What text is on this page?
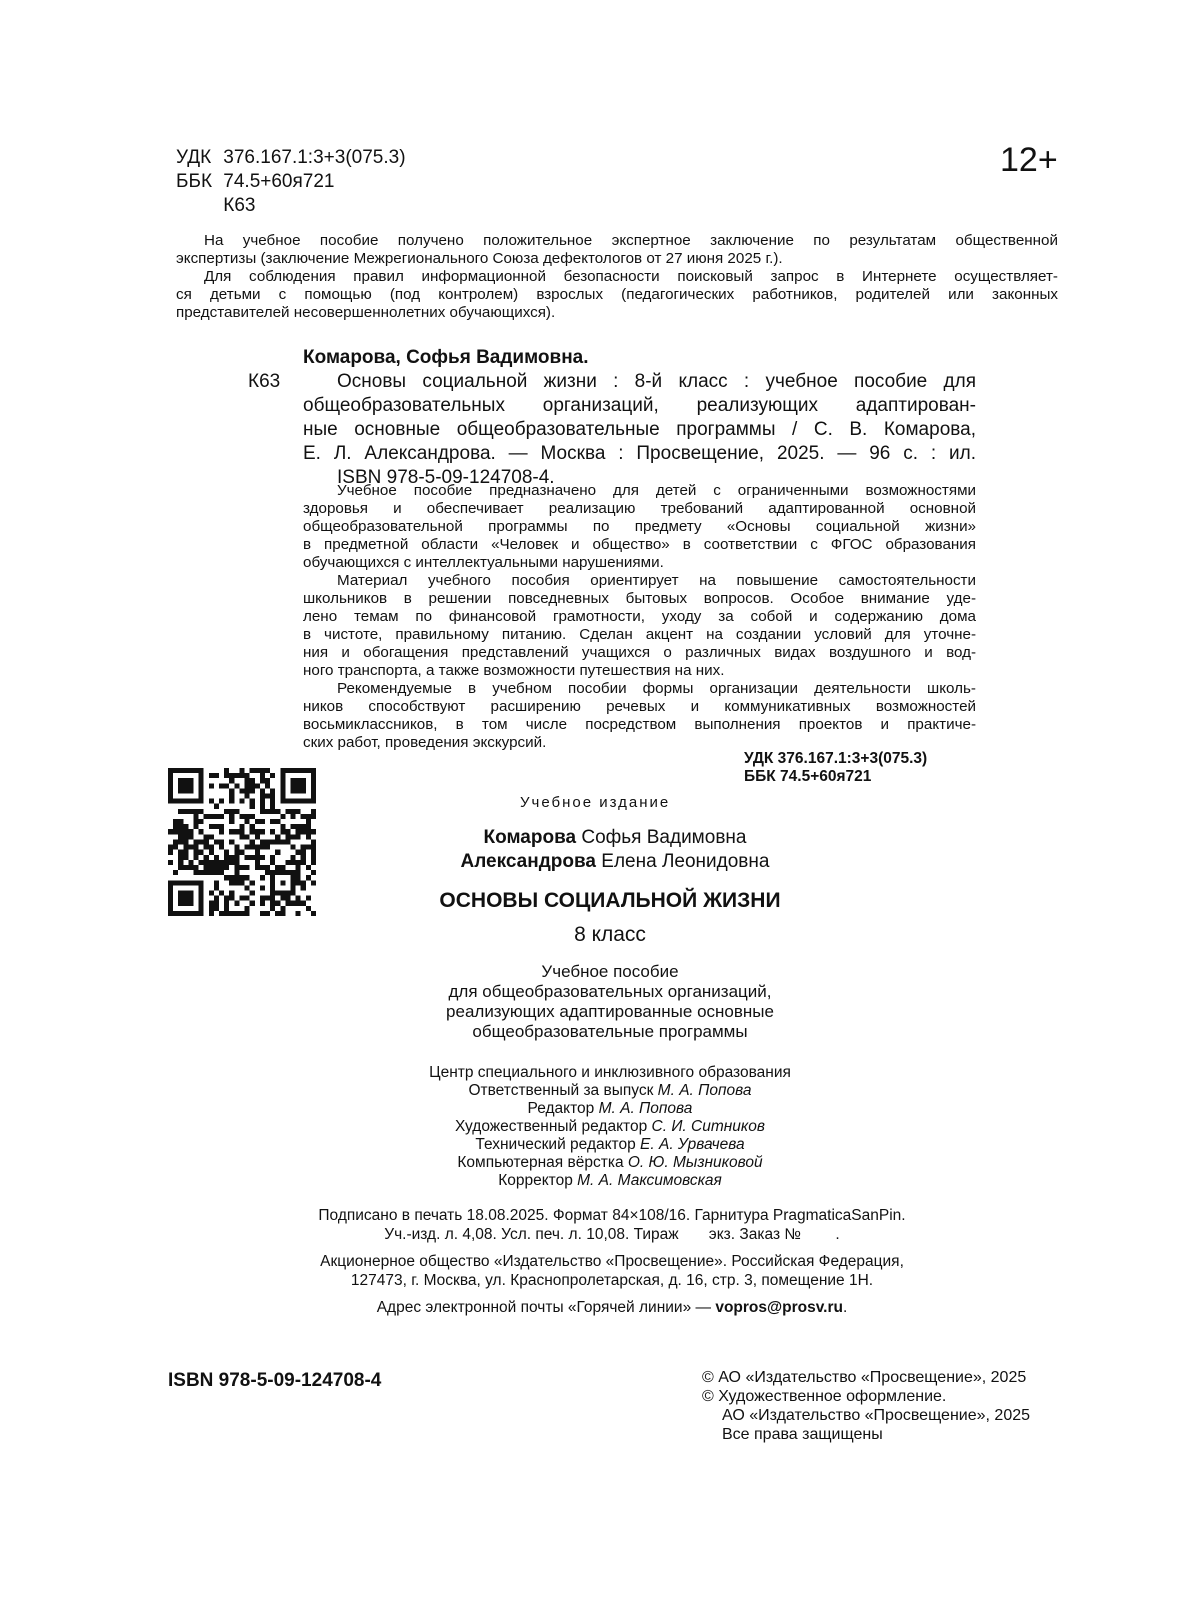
УДК 376.167.1:3+3(075.3)
ББК 74.5+60я721
К63
12+

На учебное пособие получено положительное экспертное заключение по результатам общественной
экспертизы (заключение Межрегионального Союза дефектологов от 27 июня 2025 г.).

Для соблюдения правил информационной безопасности поисковый запрос в Интернете осуществляет-
ся детьми с помощью (под контролем) взрослых (педагогических работников, родителей или законных
представителей несовершеннолетних обучающихся).

Комарова, Софья Вадимовна.
К63	Основы социальной жизни : 8-й класс : учебное пособие для
общеобразовательных организаций, реализующих адаптирован-
ные основные общеобразовательные программы / С. В. Комарова,
Е. Л. Александрова. — Москва : Просвещение, 2025. — 96 с. : ил.
ISBN 978-5-09-124708-4.
Учебное пособие предназначено для детей с ограниченными возможностями
здоровья и обеспечивает реализацию требований адаптированной основной
общеобразовательной программы по предмету «Основы социальной жизни»
в предметной области «Человек и общество» в соответствии с ФГОС образования
обучающихся с интеллектуальными нарушениями.
Материал учебного пособия ориентирует на повышение самостоятельности
школьников в решении повседневных бытовых вопросов. Особое внимание уде-
лено темам по финансовой грамотности, уходу за собой и содержанию дома
в чистоте, правильному питанию. Сделан акцент на создании условий для уточне-
ния и обогащения представлений учащихся о различных видах воздушного и вод-
ного транспорта, а также возможности путешествия на них.
Рекомендуемые в учебном пособии формы организации деятельности школь-
ников способствуют расширению речевых и коммуникативных возможностей
восьмиклассников, в том числе посредством выполнения проектов и практиче-
ских работ, проведения экскурсий.
УДК 376.167.1:3+3(075.3)
ББК 74.5+60я721
Учебное издание
Комарова Софья Вадимовна
Александрова Елена Леонидовна
ОСНОВЫ СОЦИАЛЬНОЙ ЖИЗНИ
8 класс
Учебное пособие
для общеобразовательных организаций,
реализующих адаптированные основные
общеобразовательные программы
Центр специального и инклюзивного образования
Ответственный за выпуск М. А. Попова
Редактор М. А. Попова
Художественный редактор С. И. Ситников
Технический редактор Е. А. Урвачева
Компьютерная вёрстка О. Ю. Мызниковой
Корректор М. А. Максимовская
Подписано в печать 18.08.2025. Формат 84×108/16. Гарнитура PragmaticaSanPin.
Уч.-изд. л. 4,08. Усл. печ. л. 10,08. Тираж       экз. Заказ №        .
Акционерное общество «Издательство «Просвещение». Российская Федерация,
127473, г. Москва, ул. Краснопролетарская, д. 16, стр. 3, помещение 1Н.
Адрес электронной почты «Горячей линии» — vopros@prosv.ru.
ISBN 978-5-09-124708-4	© АО «Издательство «Просвещение», 2025
© Художественное оформление.
АО «Издательство «Просвещение», 2025
Все права защищены
